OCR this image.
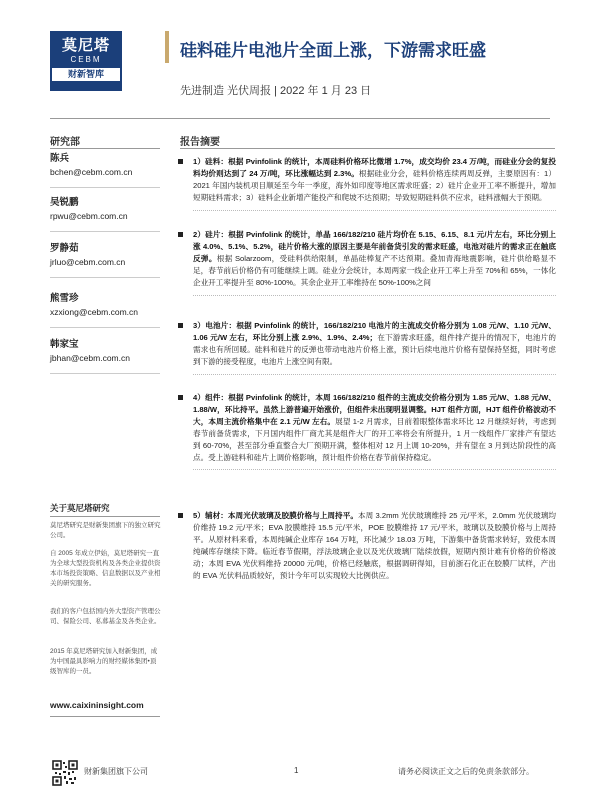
莫尼塔
CEBM
财新智库
硅料硅片电池片全面上涨，下游需求旺盛
先进制造 光伏周报 | 2022 年 1 月 23 日
研究部
陈兵
bchen@cebm.com.cn
吴锐鹏
rpwu@cebm.com.cn
罗静茹
jrluo@cebm.com.cn
熊雪珍
xzxiong@cebm.com.cn
韩家宝
jbhan@cebm.com.cn
关于莫尼塔研究
莫尼塔研究是财新集团旗下的独立研究公司。
自 2005 年成立伊始，莫尼塔研究一直为全球大型投资机构及各类企业提供资本市场投资策略、信息数据以及产业相关的研究服务。
我们的客户包括国内外大型资产管理公司、保险公司、私募基金及各类企业。
2015 年莫尼塔研究加入财新集团，成为中国最具影响力的财经媒体集团•顶级智库的一员。
www.caixininsight.com
报告摘要
1）硅料：根据 Pvinfolink 的统计，本周硅料价格环比微增 1.7%，成交均价 23.4 万/吨，而硅业分会的复投料均价则达到了 24 万/吨，环比涨幅达到 2.3%。根据硅业分会，硅料价格连续两周反弹，主要原因有：1）2021 年国内装机项目顺延至今年一季度，海外如印度等地区需求旺盛；2）硅片企业开工率不断提升，增加短期硅料需求；3）硅料企业新增产能投产和爬坡不达预期；导致短期硅料供不应求，硅料涨幅大于预期。
2）硅片：根据 Pvinfolink 的统计，单晶 166/182/210 硅片均价在 5.15、6.15、8.1 元/片左右，环比分别上涨 4.0%、5.1%、5.2%，硅片价格大涨的原因主要是年前备货引发的需求旺盛，电池对硅片的需求正在触底反弹。根据 Solarzoom，受硅料供给限制，单晶硅棒复产不达预期。叠加青海地震影响，硅片供给略显不足，春节前后价格仍有可能继续上调。硅业分会统计，本周两家一线企业开工率上升至 70%和 65%，一体化企业开工率提升至 80%-100%。其余企业开工率维持在 50%-100%之间
3）电池片：根据 Pvinfolink 的统计，166/182/210 电池片的主流成交价格分别为 1.08 元/W、1.10 元/W、1.06 元/W 左右，环比分别上涨 2.9%、1.9%、2.4%；在下游需求旺盛，组件排产提升的情况下，电池片的需求也有所回暖。硅料和硅片的反弹也带动电池片价格上涨，预计后续电池片价格有望保持坚挺，同时考虑到下游的接受程度，电池片上涨空间有限。
4）组件：根据 Pvinfolink 的统计，本周 166/182/210 组件的主流成交价格分别为 1.85 元/W、1.88 元/W、1.88/W，环比持平。虽然上游普遍开始涨价，但组件未出现明显调整。HJT 组件方面，HJT 组件价格波动不大，本周主流价格集中在 2.1 元/W 左右。展望 1-2 月需求，目前着眼整体需求环比 12 月继续好转，考虑到春节前备货需求，下月国内组件厂商尤其是组件大厂的开工率将会有所提升，1 月一线组件厂家排产有望达到 60-70%，甚至部分垂直整合大厂预期开满，整体相对 12 月上调 10-20%，并有望在 3 月到达阶段性的高点。受上游硅料和硅片上调价格影响，预计组件价格在春节前保持稳定。
5）辅材：本周光伏玻璃及胶膜价格与上周持平。本周 3.2mm 光伏玻璃维持 25 元/平米，2.0mm 光伏玻璃均价维持 19.2 元/平米；EVA 胶膜维持 15.5 元/平米，POE 胶膜维持 17 元/平米，玻璃以及胶膜价格与上周持平。从原材料来看，本周纯碱企业库存 164 万吨，环比减少 18.03 万吨，下游集中备货需求转好，致使本周纯碱库存继续下降。临近春节假期，浮法玻璃企业以及光伏玻璃厂陆续放假，短期内预计难有价格的价格波动；本周 EVA 光伏料维持 20000 元/吨，价格已经触底，根据调研得知，目前浙石化正在胶膜厂试样，产出的 EVA 光伏料品质较好，预计今年可以实现较大比例供应。
财新集团旗下公司	1	请务必阅读正文之后的免责条款部分。
